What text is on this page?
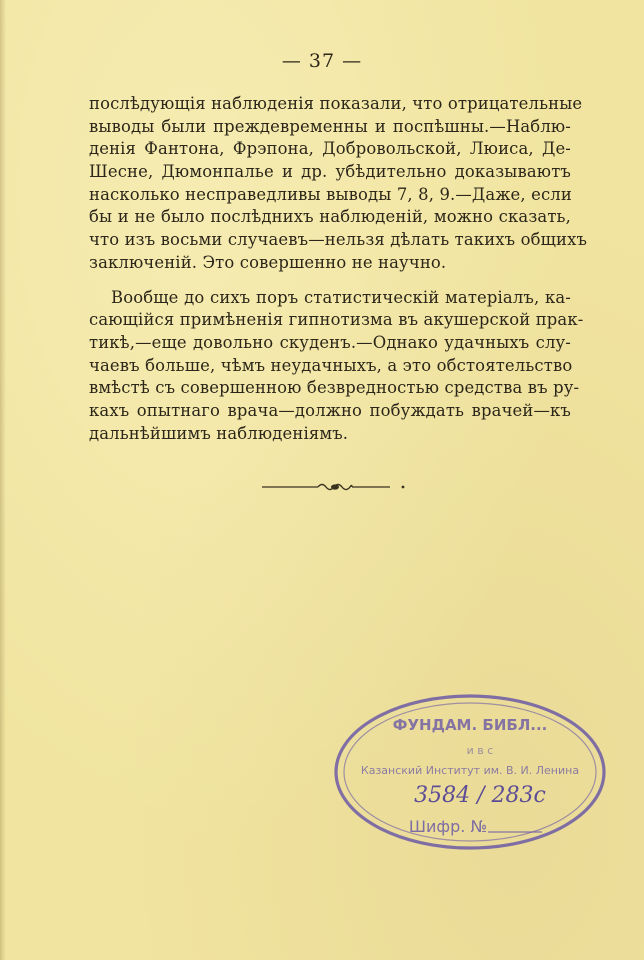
— 37 —
послѣдующія наблюденія показали, что отрицательные
выводы были преждевременны и поспѣшны.—Наблю-
денія Фантона, Фрэпона, Добровольской, Люиса, Де-
Шесне, Дюмонпалье и др. убѣдительно доказываютъ
насколько несправедливы выводы 7, 8, 9.—Даже, если
бы и не было послѣднихъ наблюденій, можно сказать,
что изъ восьми случаевъ—нельзя дѣлать такихъ общихъ
заключеній. Это совершенно не научно.
Вообще до сихъ поръ статистическій матеріалъ, ка-
сающійся примѣненія гипнотизма въ акушерской прак-
тикѣ,—еще довольно скуденъ.—Однако удачныхъ слу-
чаевъ больше, чѣмъ неудачныхъ, а это обстоятельство
вмѣстѣ съ совершенною безвредностью средства въ ру-
кахъ опытнаго врача—должно побуждать врачей—къ
дальнѣйшимъ наблюденіямъ.
ФУНДАМ. БИБЛ...
и в с
Казанский Институт им. В. И. Ленина
3584 / 283с
Шифр. №
